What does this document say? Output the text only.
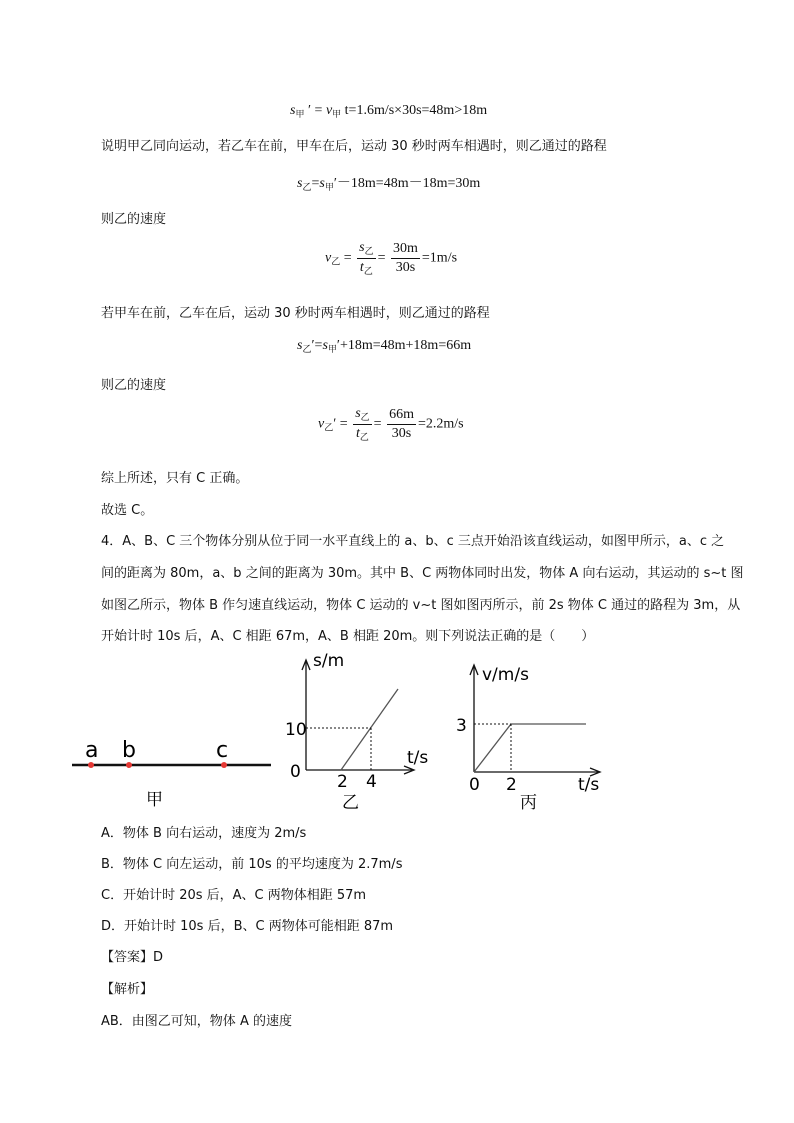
$s_甲$ ′ = $v_甲$ t=1.6m/s×30s=48m>18m
说明甲乙同向运动，若乙车在前，甲车在后，运动 30 秒时两车相遇时，则乙通过的路程
$s_乙=s_甲'-18m=48m-18m=30m$
则乙的速度
$v_乙 = \frac{s_乙}{t_乙} = \frac{30m}{30s} =1m/s$
若甲车在前，乙车在后，运动 30 秒时两车相遇时，则乙通过的路程
$s_乙'=s_甲'+18m=48m+18m=66m$
则乙的速度
$v_乙' = \frac{s_乙}{t_乙} = \frac{66m}{30s} =2.2m/s$
综上所述，只有 C 正确。
故选 C。
4．A、B、C 三个物体分别从位于同一水平直线上的 a、b、c 三点开始沿该直线运动，如图甲所示，a、c 之
间的距离为 80m，a、b 之间的距离为 30m。其中 B、C 两物体同时出发，物体 A 向右运动，其运动的 s~t 图
如图乙所示，物体 B 作匀速直线运动，物体 C 运动的 v~t 图如图丙所示，前 2s 物体 C 通过的路程为 3m，从
开始计时 10s 后，A、C 相距 67m，A、B 相距 20m。则下列说法正确的是（　　）
a b	c
甲
s/m
t/s
10
0 2 4
乙
v/m/s
t/s
3
0 2
丙
A．物体 B 向右运动，速度为 2m/s
B．物体 C 向左运动，前 10s 的平均速度为 2.7m/s
C．开始计时 20s 后，A、C 两物体相距 57m
D．开始计时 10s 后，B、C 两物体可能相距 87m
【答案】D
【解析】
AB．由图乙可知，物体 A 的速度
